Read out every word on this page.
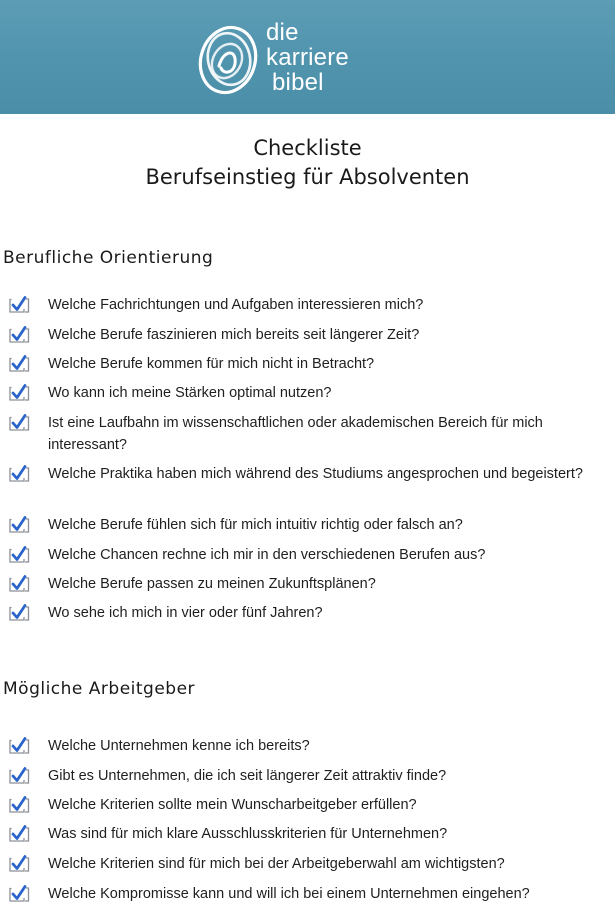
die
karriere
bibel
Checkliste
Berufseinstieg für Absolventen
Berufliche Orientierung
Welche Fachrichtungen und Aufgaben interessieren mich?
Welche Berufe faszinieren mich bereits seit längerer Zeit?
Welche Berufe kommen für mich nicht in Betracht?
Wo kann ich meine Stärken optimal nutzen?
Ist eine Laufbahn im wissenschaftlichen oder akademischen Bereich für mich interessant?
Welche Praktika haben mich während des Studiums angesprochen und begeistert?
Welche Berufe fühlen sich für mich intuitiv richtig oder falsch an?
Welche Chancen rechne ich mir in den verschiedenen Berufen aus?
Welche Berufe passen zu meinen Zukunftsplänen?
Wo sehe ich mich in vier oder fünf Jahren?
Mögliche Arbeitgeber
Welche Unternehmen kenne ich bereits?
Gibt es Unternehmen, die ich seit längerer Zeit attraktiv finde?
Welche Kriterien sollte mein Wunscharbeitgeber erfüllen?
Was sind für mich klare Ausschlusskriterien für Unternehmen?
Welche Kriterien sind für mich bei der Arbeitgeberwahl am wichtigsten?
Welche Kompromisse kann und will ich bei einem Unternehmen eingehen?
